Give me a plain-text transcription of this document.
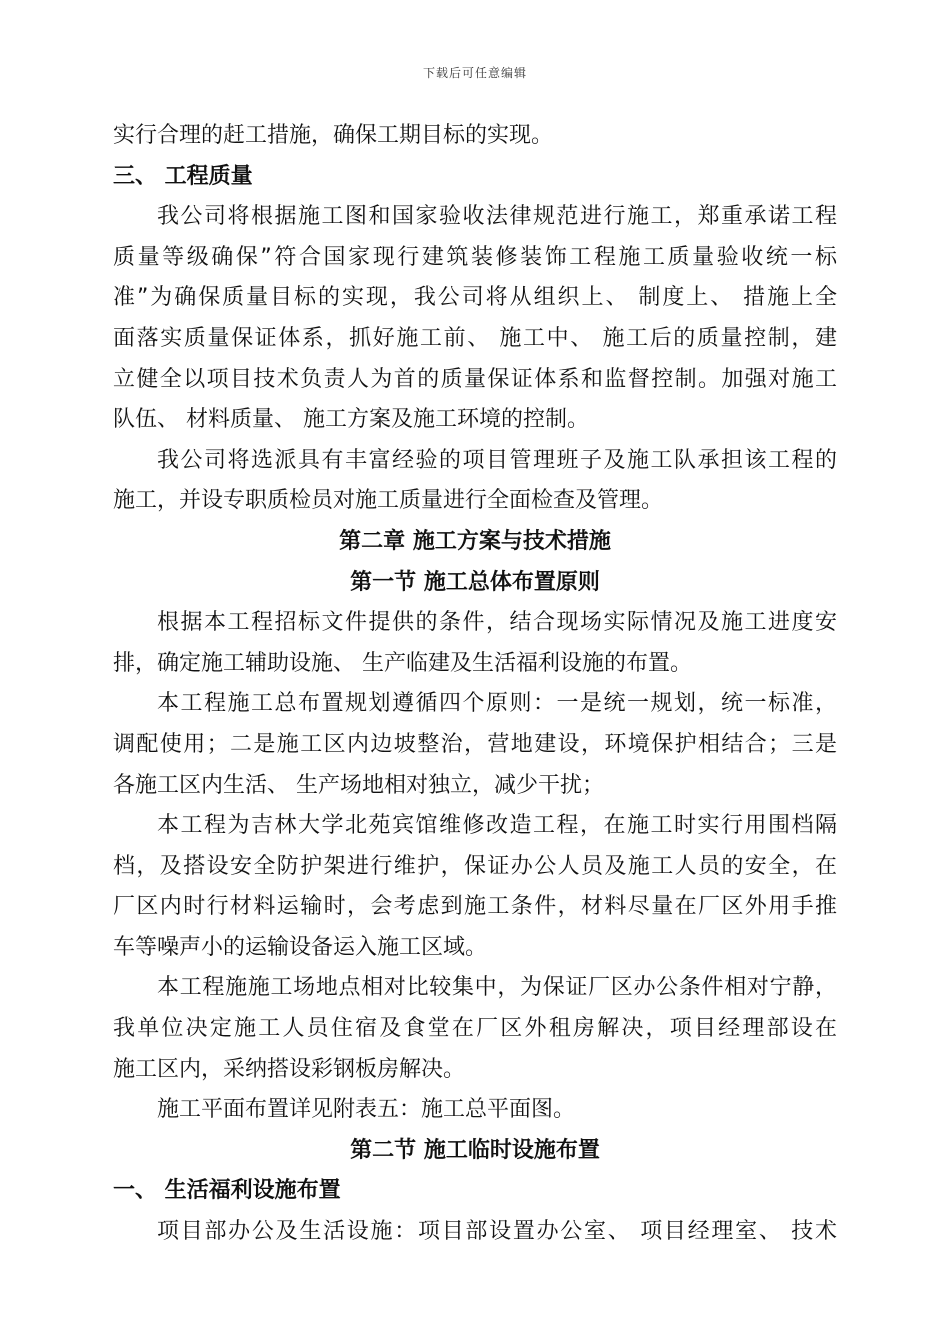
下载后可任意编辑
实行合理的赶工措施，确保工期目标的实现。
三、 工程质量
我公司将根据施工图和国家验收法律规范进行施工，郑重承诺工程
质量等级确保”符合国家现行建筑装修装饰工程施工质量验收统一标
准”为确保质量目标的实现，我公司将从组织上、 制度上、 措施上全
面落实质量保证体系，抓好施工前、 施工中、 施工后的质量控制，建
立健全以项目技术负责人为首的质量保证体系和监督控制。加强对施工
队伍、 材料质量、 施工方案及施工环境的控制。
我公司将选派具有丰富经验的项目管理班子及施工队承担该工程的
施工，并设专职质检员对施工质量进行全面检查及管理。
第二章 施工方案与技术措施
第一节 施工总体布置原则
根据本工程招标文件提供的条件，结合现场实际情况及施工进度安
排，确定施工辅助设施、 生产临建及生活福利设施的布置。
本工程施工总布置规划遵循四个原则：一是统一规划，统一标准，
调配使用；二是施工区内边坡整治，营地建设，环境保护相结合；三是
各施工区内生活、 生产场地相对独立，减少干扰；
本工程为吉林大学北苑宾馆维修改造工程，在施工时实行用围档隔
档，及搭设安全防护架进行维护，保证办公人员及施工人员的安全，在
厂区内时行材料运输时，会考虑到施工条件，材料尽量在厂区外用手推
车等噪声小的运输设备运入施工区域。
本工程施施工场地点相对比较集中，为保证厂区办公条件相对宁静，
我单位决定施工人员住宿及食堂在厂区外租房解决，项目经理部设在
施工区内，采纳搭设彩钢板房解决。
施工平面布置详见附表五：施工总平面图。
第二节 施工临时设施布置
一、 生活福利设施布置
项目部办公及生活设施：项目部设置办公室、 项目经理室、 技术
